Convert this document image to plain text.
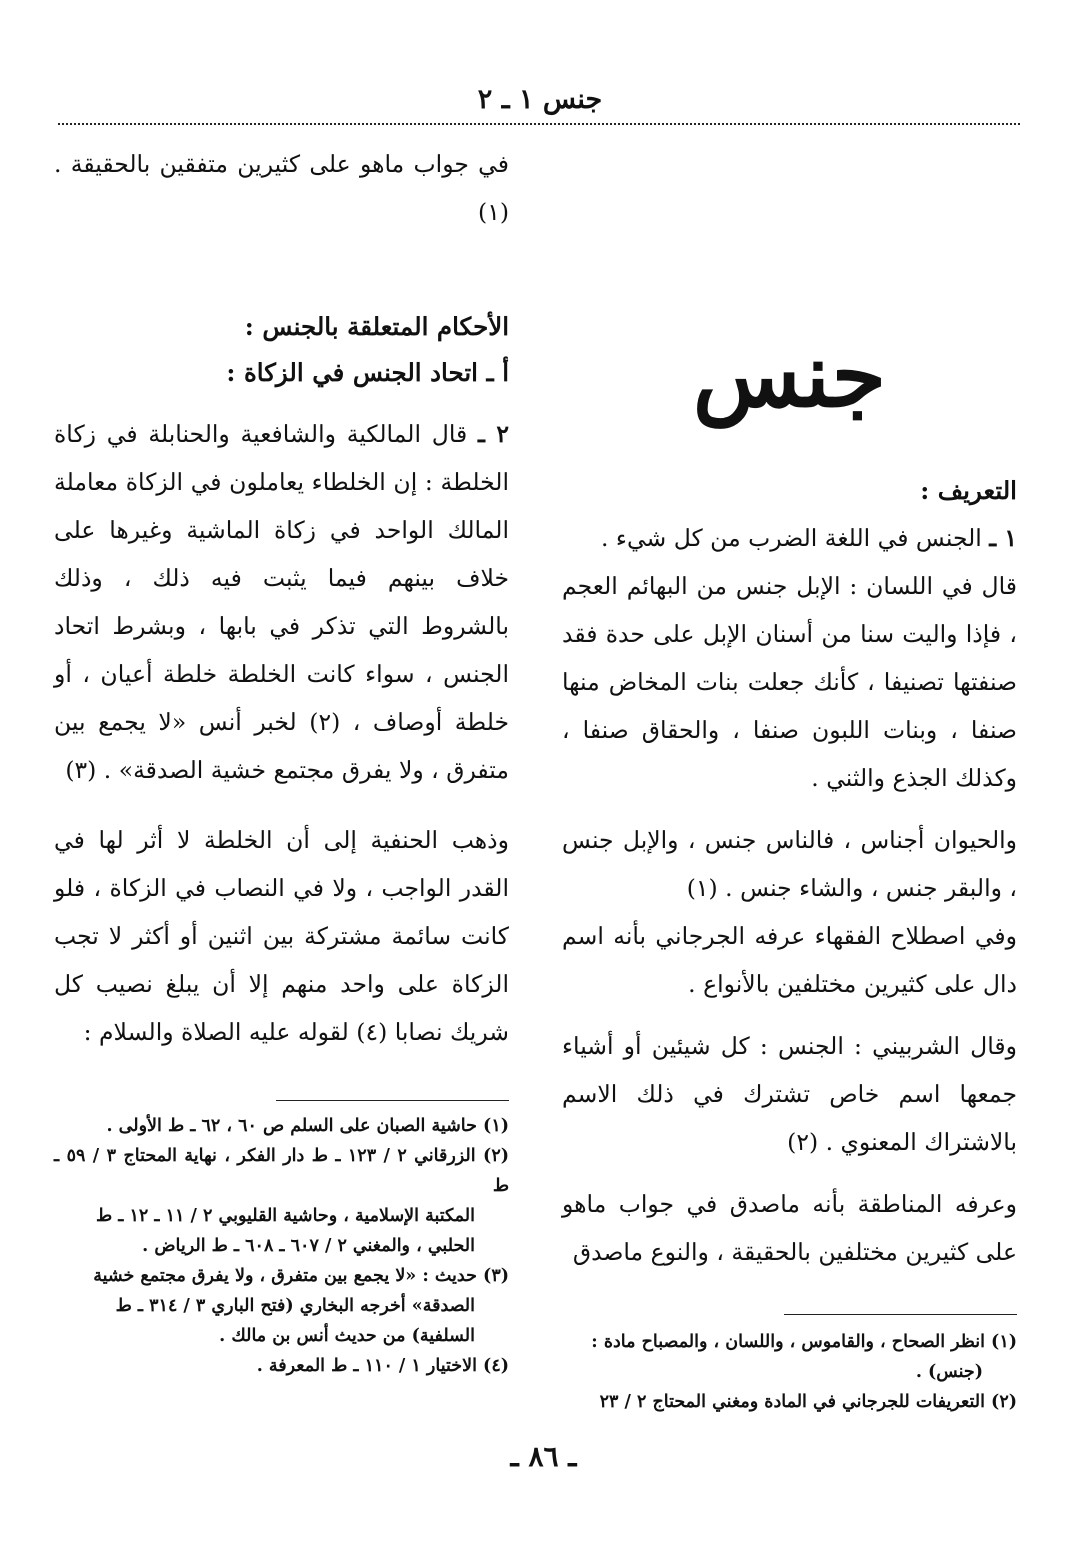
جنس ١ ـ ٢
جنس

التعريف :

١ ـ الجنس في اللغة الضرب من كل شيء .

قال في اللسان : الإبل جنس من البهائم العجم ، فإذا واليت سنا من أسنان الإبل على حدة فقد صنفتها تصنيفا ، كأنك جعلت بنات المخاض منها صنفا ، وبنات اللبون صنفا ، والحقاق صنفا ، وكذلك الجذع والثني .

والحيوان أجناس ، فالناس جنس ، والإبل جنس ، والبقر جنس ، والشاء جنس . (١)

وفي اصطلاح الفقهاء عرفه الجرجاني بأنه اسم دال على كثيرين مختلفين بالأنواع .

وقال الشربيني : الجنس : كل شيئين أو أشياء جمعها اسم خاص تشترك في ذلك الاسم بالاشتراك المعنوي . (٢)

وعرفه المناطقة بأنه ماصدق في جواب ماهو على كثيرين مختلفين بالحقيقة ، والنوع ماصدق

(١) انظر الصحاح ، والقاموس ، واللسان ، والمصباح مادة :

(جنس) .

(٢) التعريفات للجرجاني في المادة ومغني المحتاج ٢ / ٢٣

في جواب ماهو على كثيرين متفقين بالحقيقة . (١)

الأحكام المتعلقة بالجنس :

أ ـ اتحاد الجنس في الزكاة :

٢ ـ قال المالكية والشافعية والحنابلة في زكاة الخلطة : إن الخلطاء يعاملون في الزكاة معاملة المالك الواحد في زكاة الماشية وغيرها على خلاف بينهم فيما يثبت فيه ذلك ، وذلك بالشروط التي تذكر في بابها ، وبشرط اتحاد الجنس ، سواء كانت الخلطة خلطة أعيان ، أو خلطة أوصاف ، (٢) لخبر أنس «لا يجمع بين متفرق ، ولا يفرق مجتمع خشية الصدقة» . (٣)

وذهب الحنفية إلى أن الخلطة لا أثر لها في القدر الواجب ، ولا في النصاب في الزكاة ، فلو كانت سائمة مشتركة بين اثنين أو أكثر لا تجب الزكاة على واحد منهم إلا أن يبلغ نصيب كل شريك نصابا (٤) لقوله عليه الصلاة والسلام :

(١) حاشية الصبان على السلم ص ٦٠ ، ٦٢ ـ ط الأولى .

(٢) الزرقاني ٢ / ١٢٣ ـ ط دار الفكر ، نهاية المحتاج ٣ / ٥٩ ـ ط

المكتبة الإسلامية ، وحاشية القليوبي ٢ / ١١ ـ ١٢ ـ ط

الحلبي ، والمغني ٢ / ٦٠٧ ـ ٦٠٨ ـ ط الرياض .

(٣) حديث : «لا يجمع بين متفرق ، ولا يفرق مجتمع خشية

الصدقة» أخرجه البخاري (فتح الباري ٣ / ٣١٤ ـ ط

السلفية) من حديث أنس بن مالك .

(٤) الاختيار ١ / ١١٠ ـ ط المعرفة .

ـ ٨٦ ـ
